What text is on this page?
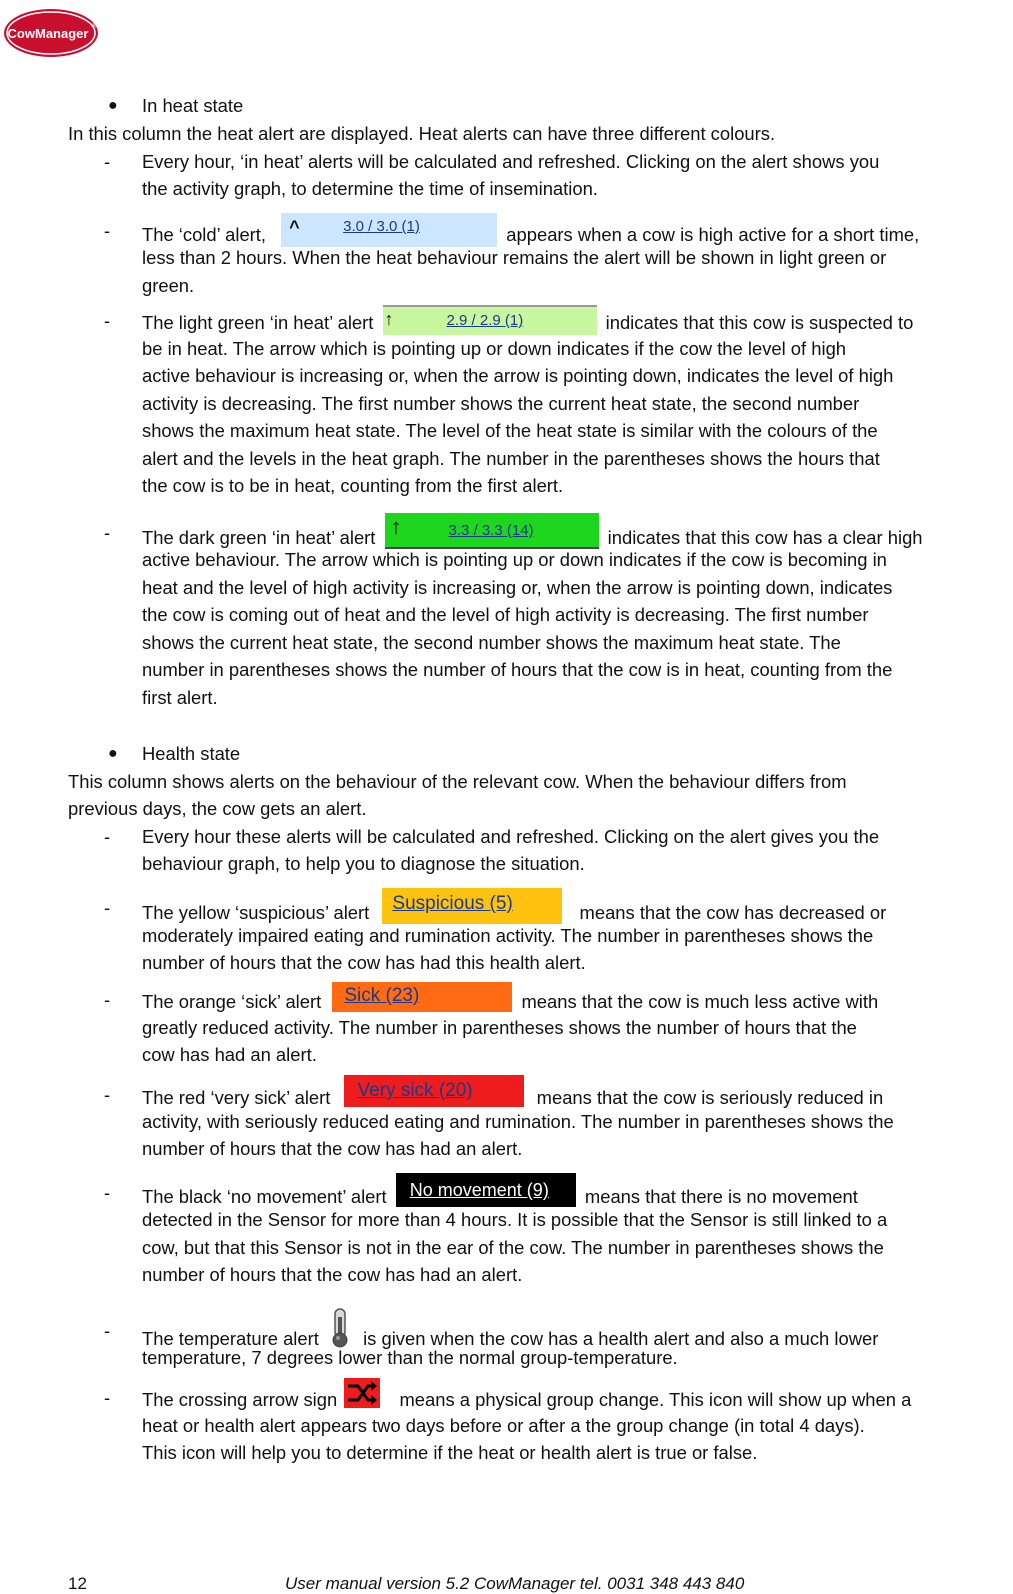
CowManager ®
● In heat state
In this column the heat alert are displayed. Heat alerts can have three different colours.
- Every hour, ‘in heat’ alerts will be calculated and refreshed. Clicking on the alert shows you
the activity graph, to determine the time of insemination.
- The ‘cold’ alert, ^	3.0 / 3.0 (1)	appears when a cow is high active for a short time,
less than 2 hours. When the heat behaviour remains the alert will be shown in light green or
green.
- The light green ‘in heat’ alert ↑	2.9 / 2.9 (1)	indicates that this cow is suspected to
be in heat. The arrow which is pointing up or down indicates if the cow the level of high
active behaviour is increasing or, when the arrow is pointing down, indicates the level of high
activity is decreasing. The first number shows the current heat state, the second number
shows the maximum heat state. The level of the heat state is similar with the colours of the
alert and the levels in the heat graph. The number in the parentheses shows the hours that
the cow is to be in heat, counting from the first alert.
- The dark green ‘in heat’ alert ↑	3.3 / 3.3 (14)	indicates that this cow has a clear high
active behaviour. The arrow which is pointing up or down indicates if the cow is becoming in
heat and the level of high activity is increasing or, when the arrow is pointing down, indicates
the cow is coming out of heat and the level of high activity is decreasing. The first number
shows the current heat state, the second number shows the maximum heat state. The
number in parentheses shows the number of hours that the cow is in heat, counting from the
first alert.
● Health state
This column shows alerts on the behaviour of the relevant cow. When the behaviour differs from
previous days, the cow gets an alert.
- Every hour these alerts will be calculated and refreshed. Clicking on the alert gives you the
behaviour graph, to help you to diagnose the situation.
- The yellow ‘suspicious’ alert Suspicious (5)	means that the cow has decreased or
moderately impaired eating and rumination activity. The number in parentheses shows the
number of hours that the cow has had this health alert.
- The orange ‘sick’ alert Sick (23)	means that the cow is much less active with
greatly reduced activity. The number in parentheses shows the number of hours that the
cow has had an alert.
- The red ‘very sick’ alert Very sick (20)	means that the cow is seriously reduced in
activity, with seriously reduced eating and rumination. The number in parentheses shows the
number of hours that the cow has had an alert.
- The black ‘no movement’ alert No movement (9) means that there is no movement
detected in the Sensor for more than 4 hours. It is possible that the Sensor is still linked to a
cow, but that this Sensor is not in the ear of the cow. The number in parentheses shows the
number of hours that the cow has had an alert.
- The temperature alert is given when the cow has a health alert and also a much lower
temperature, 7 degrees lower than the normal group-temperature.
- The crossing arrow sign	means a physical group change. This icon will show up when a
heat or health alert appears two days before or after a the group change (in total 4 days).
This icon will help you to determine if the heat or health alert is true or false.
12	User manual version 5.2 CowManager tel. 0031 348 443 840
